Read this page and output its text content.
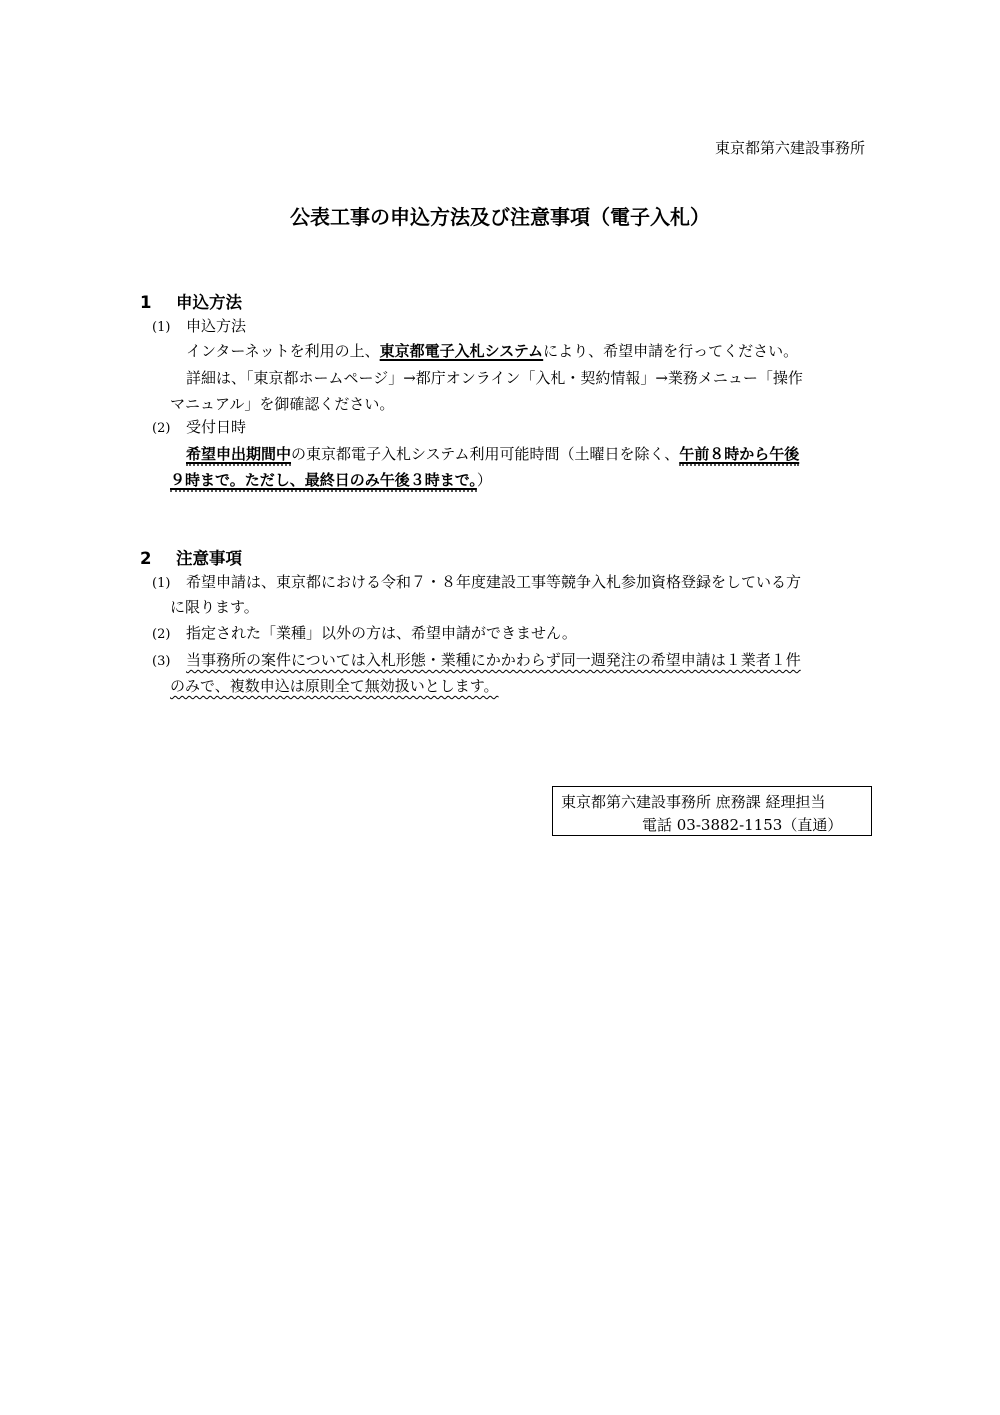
東京都第六建設事務所
公表工事の申込方法及び注意事項（電子入札）
1 申込方法
(1) 申込方法
インターネットを利用の上、東京都電子入札システムにより、希望申請を行ってください。
詳細は、「東京都ホームページ」→都庁オンライン「入札・契約情報」→業務メニュー「操作
マニュアル」を御確認ください。
(2) 受付日時
希望申出期間中の東京都電子入札システム利用可能時間（土曜日を除く、午前８時から午後
９時まで。ただし、最終日のみ午後３時まで。）
2 注意事項
(1) 希望申請は、東京都における令和７・８年度建設工事等競争入札参加資格登録をしている方
に限ります。
(2) 指定された「業種」以外の方は、希望申請ができません。
(3) 当事務所の案件については入札形態・業種にかかわらず同一週発注の希望申請は１業者１件
のみで、複数申込は原則全て無効扱いとします。
東京都第六建設事務所 庶務課 経理担当
電話 03-3882-1153（直通）
